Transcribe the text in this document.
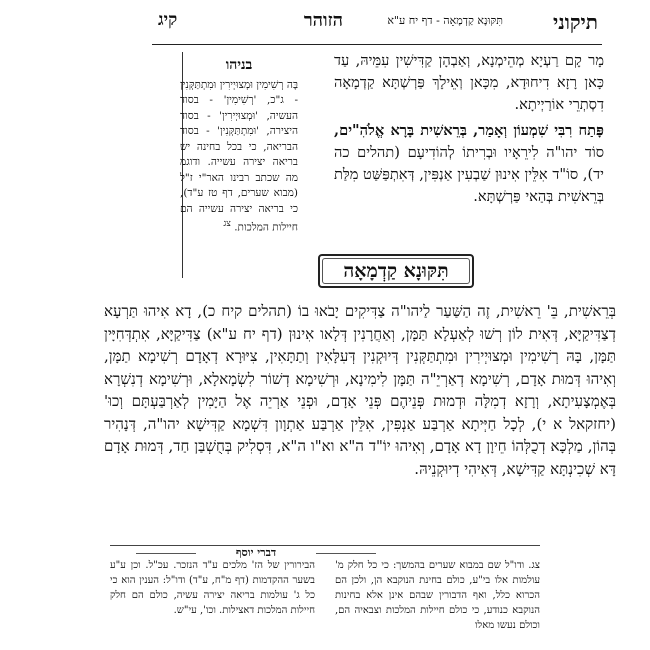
תיקוני
תִּקּוּנָא קַדְמָאָה - דף יח ע"א
הזוהר
קיג

מָר קָם רַעְיָא מְהֵימְנָא, וְאַבְהָן קַדִּישִׁין עִמֵּיהּ, עַד כָּאן רָזָא דִיחוּדָא, מִכָּאן וְאֵילָךְ פַּרְשְׁתָּא קַדְמָאָה דִסְתְרֵי אוֹרַיְיתָא.

פָּתַח רִבִּי שִׁמְעוֹן וְאָמַר, בְּרֵאשִׁית בָּרָא אֱלֹהִ"ים, סוֹד יהו"ה לִירֵאָיו וּבְרִיתוֹ לְהוֹדִיעָם (תהלים כה יד), סוֹ"ד אִלֵּין אִינוּן שַׁבְעִין אַנְפִּין, דְּאִתְפַּשַּׁט מִלַּת בְּרֵאשִׁית בְּהַאי פַּרְשְׁתָּא.

בניהו
בָּה רְשִׁימִין וּמְצוּיְירִין וּמִתְתַּקְּנִין - ג"כ, 'רְשִׁימִין' - בסוד העשיה, 'וּמְצוּיְירִין' - בסוד היצירה, 'וּמִתְתַּקְּנִין' - בסוד הבריאה, כי בכל בחינה יש בריאה יצירה עשייה. ודוגמ מה שכתב רבינו האר"י ז"ל (מבוא שערים, דף טז ע"ד), כי בריאה יצירה עשייה הם חיילות המלכות. $^{צג}$
תִּקּוּנָא קַדְמָאָה
בְּרֵאשִׁית, בֵּ' רֵאשִׁית, זֶה הַשַּׁעַר לַיהו"ה צַדִּיקִים יָבֹאוּ בוֹ (תהלים קיח כ), דָא אִיהוּ תַּרְעָא דְצַדִּיקַיָּא, דְּאִית לוֹן רְשׁוּ לְאַעְלָא תַּמָּן, וְאַחֲרָנִין דְּלָאו אִינוּן (דף יח ע"א) צַדִּיקַיָּא, אִתְדְּחִיָּין תַּמָּן, בָּהּ רְשִׁימִין וּמְצוּיְירִין וּמִתְתַּקְּנִין דְּיוּקְנִין דְּעִלָּאִין וְתַתָּאִין, צִיּוּרָא דְאָדָם רְשִׁימָא תַמָּן, וְאִיהוּ דְּמוּת אָדָם, רְשִׁימָא דְאַרְיֵ"ה תַּמָּן לִימִינָא, וּרְשִׁימָא דְשׁוֹר לִשְׂמָאלָא, וּרְשִׁימָא דְנִשְׁרָא בְּאֶמְצָעִיתָא, וְרָזָא דְמִלָּה וּדְמוּת פְּנֵיהֶם פְּנֵי אָדָם, וּפְנֵי אַרְיֵה אֶל הַיָּמִין לְאַרְבַּעְתָּם וְכוּ' (יחזקאל א י), לְכָל חַיְּיתָא אַרְבַּע אַנְפִּין, אִלֵּין אַרְבַּע אַתְוָון דִּשְׁמָא קַדִּישָׁא יהו"ה, דְּנָהִיר בְּהוֹן, מַלְכָּא דְכֻלְּהוֹ חֵיוָן דָא אָדָם, וְאִיהוּ יוֹ"ד ה"א וא"ו ה"א, דִּסְלִיק בְּחֻשְׁבַּן חַד, דְּמוּת אָדָם דָּא שְׁכִינְתָּא קַדִּישָׁא, דְּאִיהִי דְיוּקְנֵיהּ.
דברי יוסף
צג. ודו"ל שם במבוא שערים בהמשך: כי כל חלק מ' עולמות אלו בי"ע, כולם בחינת הנוקבא הן, ולכן הם הכרוא כלל, ואף הדבורין שבהם אינן אלא בחינות הנוקבא כנודע, כי כולם חיילות המלכות וצבאיה הם, וכולם נעשו מאלו
הבירורין של הז' מלכים ע"ד הנזכר. עכ"ל. וכן ע"ע בשער ההקדמות (דף מ"ח, ע"ד) ודו"ל: הענין הוא כי כל ג' עולמות בריאה יצירה עשיה, כולם הם חלק חיילות המלכות דאצילות. וכו', עי"ש.
